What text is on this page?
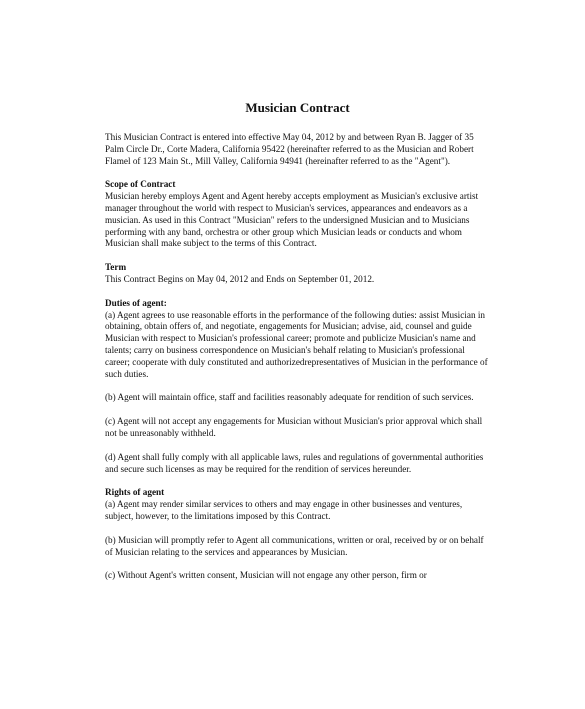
Musician Contract

This Musician Contract is entered into effective May 04, 2012 by and between Ryan B. Jagger of 35 Palm Circle Dr., Corte Madera, California 95422 (hereinafter referred to as the Musician and Robert Flamel of 123 Main St., Mill Valley, California 94941 (hereinafter referred to as the "Agent").

Scope of Contract

Musician hereby employs Agent and Agent hereby accepts employment as Musician's exclusive artist manager throughout the world with respect to Musician's services, appearances and endeavors as a musician. As used in this Contract "Musician" refers to the undersigned Musician and to Musicians performing with any band, orchestra or other group which Musician leads or conducts and whom Musician shall make subject to the terms of this Contract.

Term

This Contract Begins on May 04, 2012 and Ends on September 01, 2012.

Duties of agent:

(a) Agent agrees to use reasonable efforts in the performance of the following duties: assist Musician in obtaining, obtain offers of, and negotiate, engagements for Musician; advise, aid, counsel and guide Musician with respect to Musician's professional career; promote and publicize Musician's name and talents; carry on business correspondence on Musician's behalf relating to Musician's professional career; cooperate with duly constituted and authorizedrepresentatives of Musician in the performance of such duties.

(b) Agent will maintain office, staff and facilities reasonably adequate for rendition of such services.

(c) Agent will not accept any engagements for Musician without Musician's prior approval which shall not be unreasonably withheld.

(d) Agent shall fully comply with all applicable laws, rules and regulations of governmental authorities and secure such licenses as may be required for the rendition of services hereunder.

Rights of agent

(a) Agent may render similar services to others and may engage in other businesses and ventures, subject, however, to the limitations imposed by this Contract.

(b) Musician will promptly refer to Agent all communications, written or oral, received by or on behalf of Musician relating to the services and appearances by Musician.

(c) Without Agent's written consent, Musician will not engage any other person, firm or
